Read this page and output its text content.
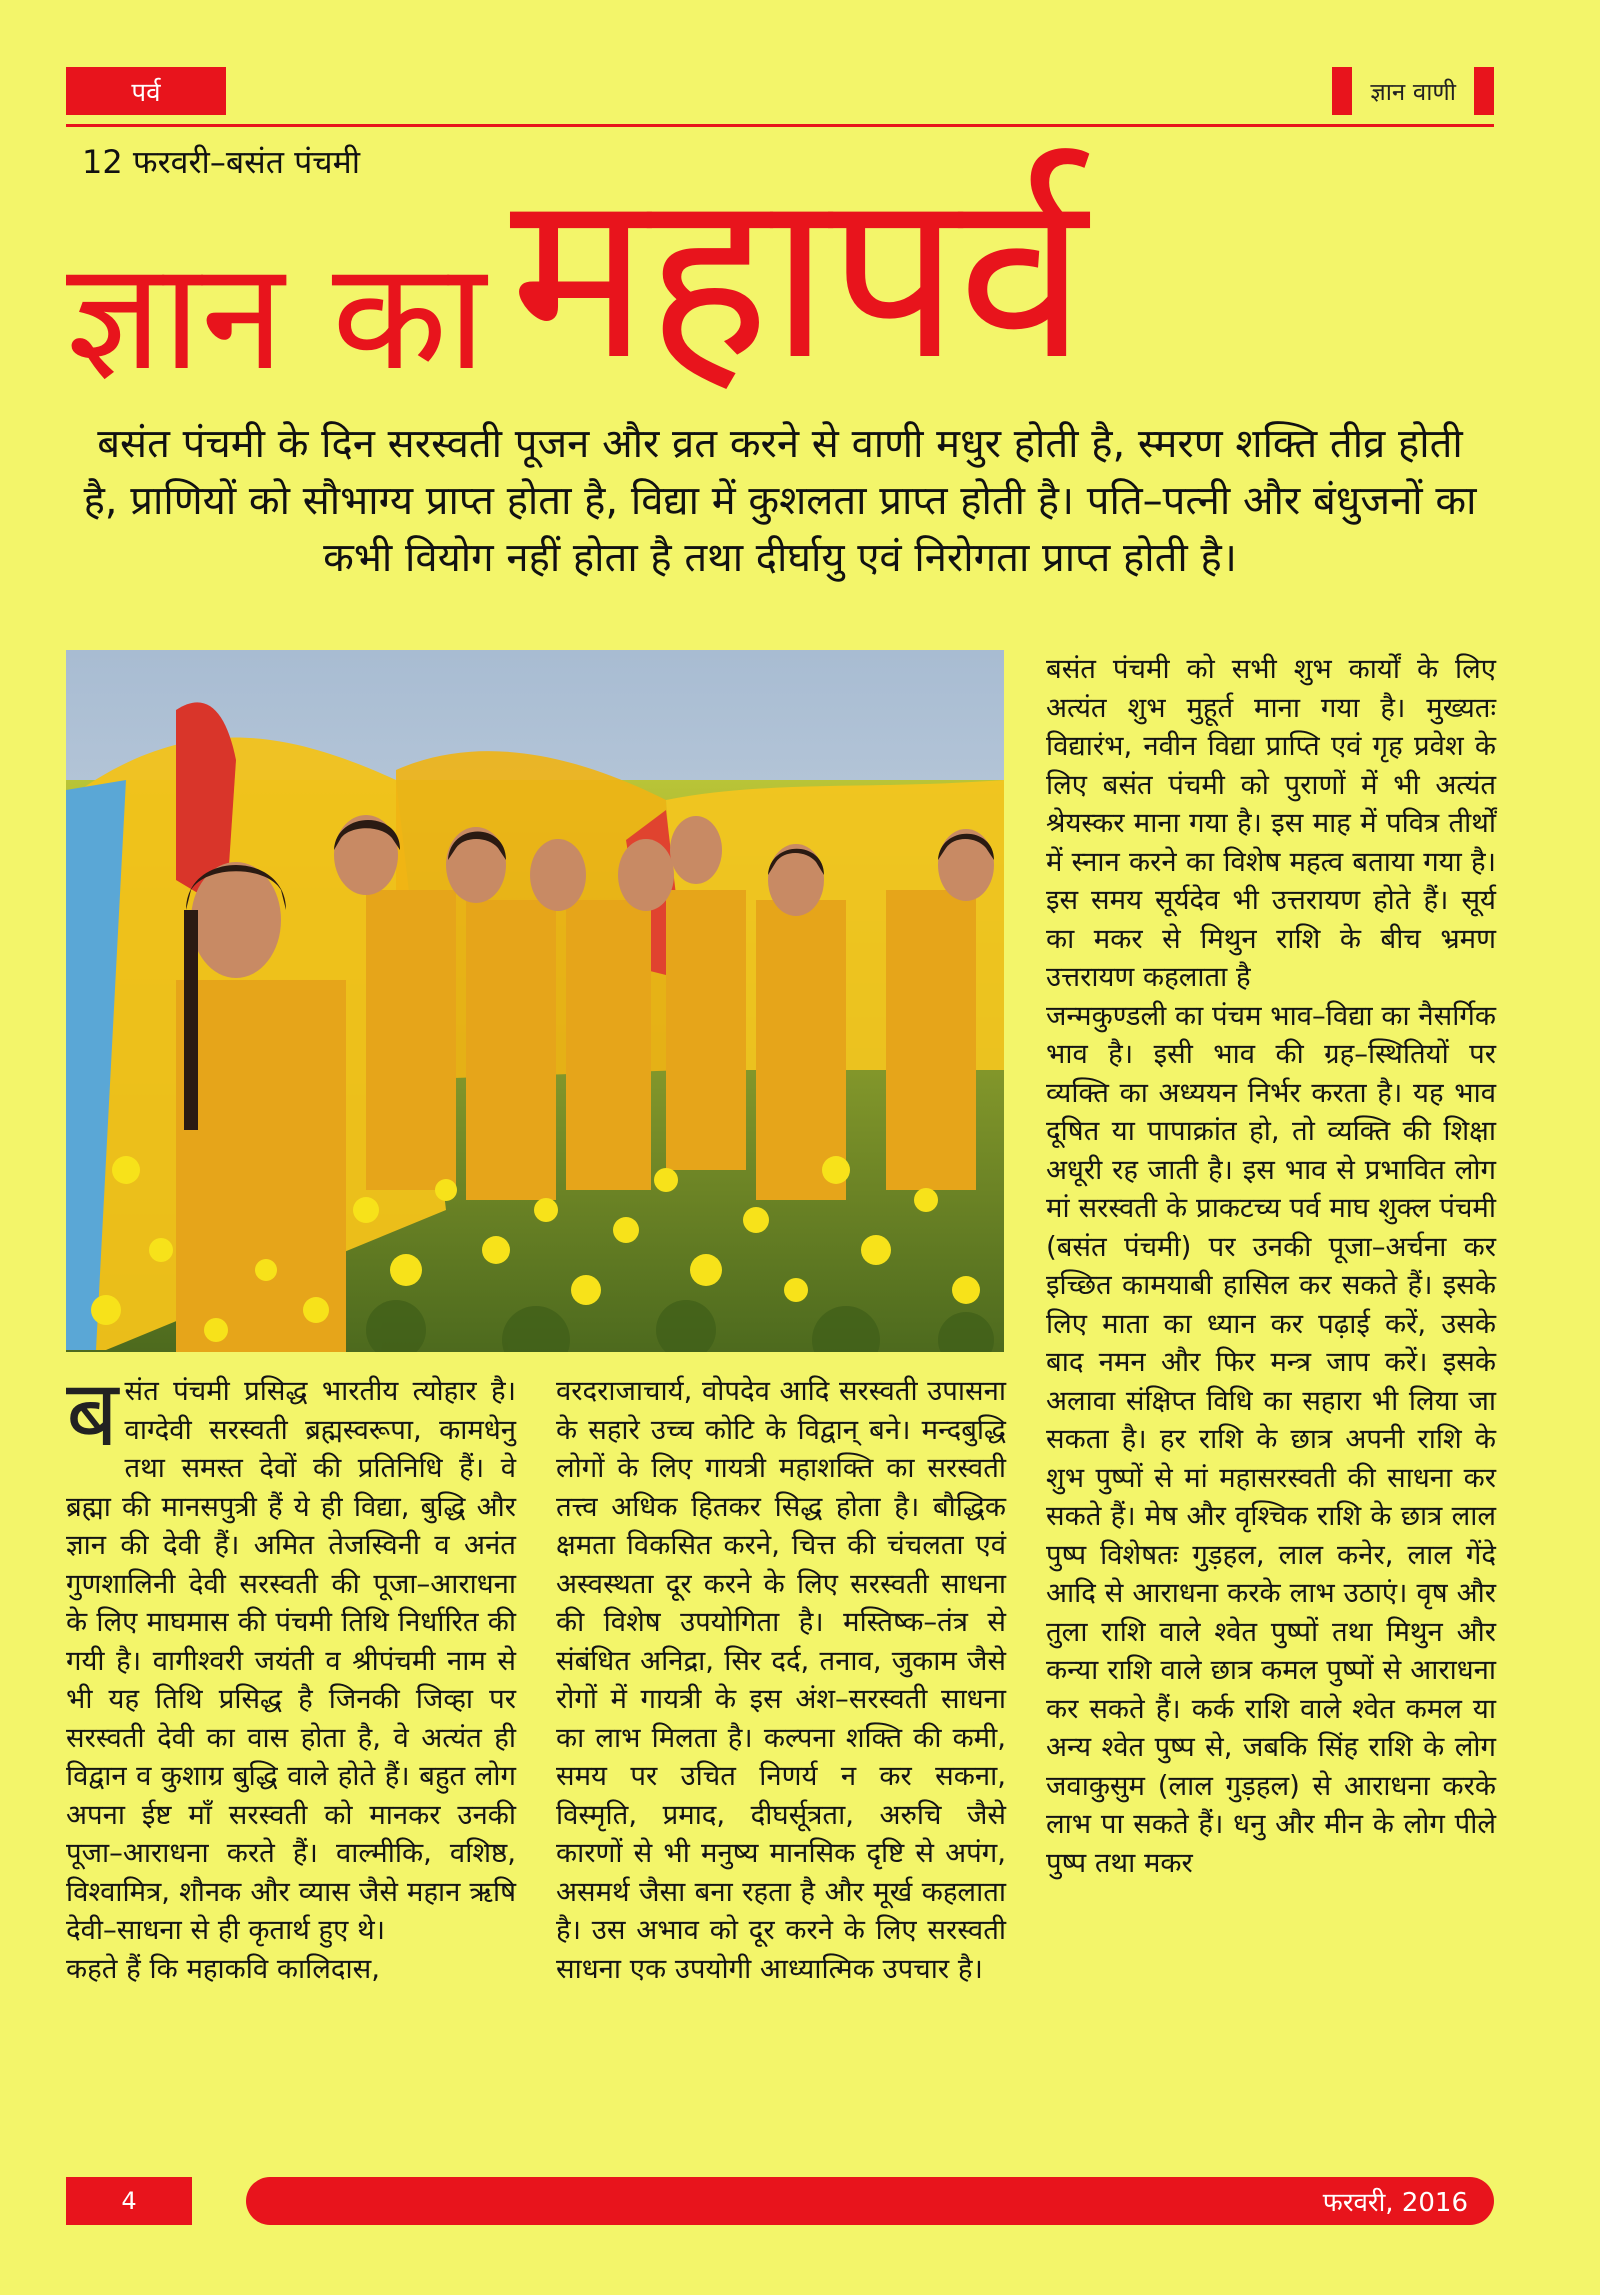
पर्व	ज्ञान वाणी
12 फरवरी–बसंत पंचमी
ज्ञान का महापर्व
बसंत पंचमी के दिन सरस्वती पूजन और व्रत करने से वाणी मधुर होती है, स्मरण शक्ति तीव्र होती है, प्राणियों को सौभाग्य प्राप्त होता है, विद्या में कुशलता प्राप्त होती है। पति–पत्नी और बंधुजनों का कभी वियोग नहीं होता है तथा दीर्घायु एवं निरोगता प्राप्त होती है।

बसंत पंचमी प्रसिद्ध भारतीय त्योहार है। वाग्देवी सरस्वती ब्रह्मस्वरूपा, कामधेनु तथा समस्त देवों की प्रतिनिधि हैं। वे ब्रह्मा की मानसपुत्री हैं ये ही विद्या, बुद्धि और ज्ञान की देवी हैं। अमित तेजस्विनी व अनंत गुणशालिनी देवी सरस्वती की पूजा–आराधना के लिए माघमास की पंचमी तिथि निर्धारित की गयी है। वागीश्वरी जयंती व श्रीपंचमी नाम से भी यह तिथि प्रसिद्ध है जिनकी जिव्हा पर सरस्वती देवी का वास होता है, वे अत्यंत ही विद्वान व कुशाग्र बुद्धि वाले होते हैं। बहुत लोग अपना ईष्ट माँ सरस्वती को मानकर उनकी पूजा–आराधना करते हैं। वाल्मीकि, वशिष्ठ, विश्वामित्र, शौनक और व्यास जैसे महान ऋषि देवी–साधना से ही कृतार्थ हुए थे।

कहते हैं कि महाकवि कालिदास,

वरदराजाचार्य, वोपदेव आदि सरस्वती उपासना के सहारे उच्च कोटि के विद्वान् बने। मन्दबुद्धि लोगों के लिए गायत्री महाशक्ति का सरस्वती तत्त्व अधिक हितकर सिद्ध होता है। बौद्धिक क्षमता विकसित करने, चित्त की चंचलता एवं अस्वस्थता दूर करने के लिए सरस्वती साधना की विशेष उपयोगिता है। मस्तिष्क–तंत्र से संबंधित अनिद्रा, सिर दर्द, तनाव, जुकाम जैसे रोगों में गायत्री के इस अंश–सरस्वती साधना का लाभ मिलता है। कल्पना शक्ति की कमी, समय पर उचित निणर्य न कर सकना, विस्मृति, प्रमाद, दीघर्सूत्रता, अरुचि जैसे कारणों से भी मनुष्य मानसिक दृष्टि से अपंग, असमर्थ जैसा बना रहता है और मूर्ख कहलाता है। उस अभाव को दूर करने के लिए सरस्वती साधना एक उपयोगी आध्यात्मिक उपचार है।

बसंत पंचमी को सभी शुभ कार्यों के लिए अत्यंत शुभ मुहूर्त माना गया है। मुख्यतः विद्यारंभ, नवीन विद्या प्राप्ति एवं गृह प्रवेश के लिए बसंत पंचमी को पुराणों में भी अत्यंत श्रेयस्कर माना गया है। इस माह में पवित्र तीर्थों में स्नान करने का विशेष महत्व बताया गया है। इस समय सूर्यदेव भी उत्तरायण होते हैं। सूर्य का मकर से मिथुन राशि के बीच भ्रमण उत्तरायण कहलाता है

जन्मकुण्डली का पंचम भाव–विद्या का नैसर्गिक भाव है। इसी भाव की ग्रह–स्थितियों पर व्यक्ति का अध्ययन निर्भर करता है। यह भाव दूषित या पापाक्रांत हो, तो व्यक्ति की शिक्षा अधूरी रह जाती है। इस भाव से प्रभावित लोग मां सरस्वती के प्राकटच्य पर्व माघ शुक्ल पंचमी (बसंत पंचमी) पर उनकी पूजा–अर्चना कर इच्छित कामयाबी हासिल कर सकते हैं। इसके लिए माता का ध्यान कर पढ़ाई करें, उसके बाद नमन और फिर मन्त्र जाप करें। इसके अलावा संक्षिप्त विधि का सहारा भी लिया जा सकता है। हर राशि के छात्र अपनी राशि के शुभ पुष्पों से मां महासरस्वती की साधना कर सकते हैं। मेष और वृश्चिक राशि के छात्र लाल पुष्प विशेषतः गुड़हल, लाल कनेर, लाल गेंदे आदि से आराधना करके लाभ उठाएं। वृष और तुला राशि वाले श्वेत पुष्पों तथा मिथुन और कन्या राशि वाले छात्र कमल पुष्पों से आराधना कर सकते हैं। कर्क राशि वाले श्वेत कमल या अन्य श्वेत पुष्प से, जबकि सिंह राशि के लोग जवाकुसुम (लाल गुड़हल) से आराधना करके लाभ पा सकते हैं। धनु और मीन के लोग पीले पुष्प तथा मकर

4	फरवरी, 2016
